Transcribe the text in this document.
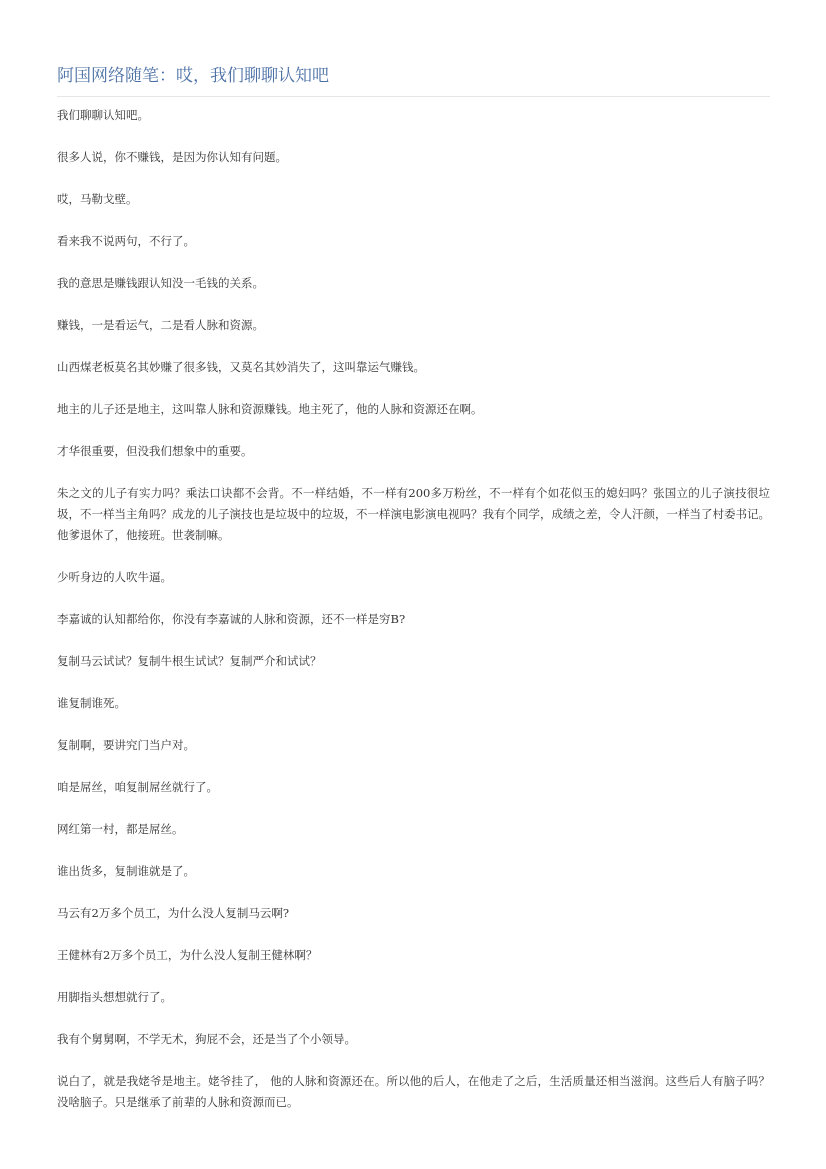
阿国网络随笔：哎，我们聊聊认知吧

我们聊聊认知吧。

很多人说，你不赚钱，是因为你认知有问题。

哎，马勒戈壁。

看来我不说两句，不行了。

我的意思是赚钱跟认知没一毛钱的关系。

赚钱，一是看运气，二是看人脉和资源。

山西煤老板莫名其妙赚了很多钱，又莫名其妙消失了，这叫靠运气赚钱。

地主的儿子还是地主，这叫靠人脉和资源赚钱。地主死了，他的人脉和资源还在啊。

才华很重要，但没我们想象中的重要。

朱之文的儿子有实力吗？乘法口诀都不会背。不一样结婚，不一样有200多万粉丝，不一样有个如花似玉的媳妇吗？张国立的儿子演技很垃圾，不一样当主角吗？成龙的儿子演技也是垃圾中的垃圾，不一样演电影演电视吗？我有个同学，成绩之差，令人汗颜，一样当了村委书记。他爹退休了，他接班。世袭制嘛。

少听身边的人吹牛逼。

李嘉诚的认知都给你，你没有李嘉诚的人脉和资源，还不一样是穷B?

复制马云试试？复制牛根生试试？复制严介和试试？

谁复制谁死。

复制啊，要讲究门当户对。

咱是屌丝，咱复制屌丝就行了。

网红第一村，都是屌丝。

谁出货多，复制谁就是了。

马云有2万多个员工，为什么没人复制马云啊?

王健林有2万多个员工，为什么没人复制王健林啊？

用脚指头想想就行了。

我有个舅舅啊，不学无术，狗屁不会，还是当了个小领导。

说白了，就是我姥爷是地主。姥爷挂了， 他的人脉和资源还在。所以他的后人，在他走了之后，生活质量还相当滋润。这些后人有脑子吗？没啥脑子。只是继承了前辈的人脉和资源而已。
